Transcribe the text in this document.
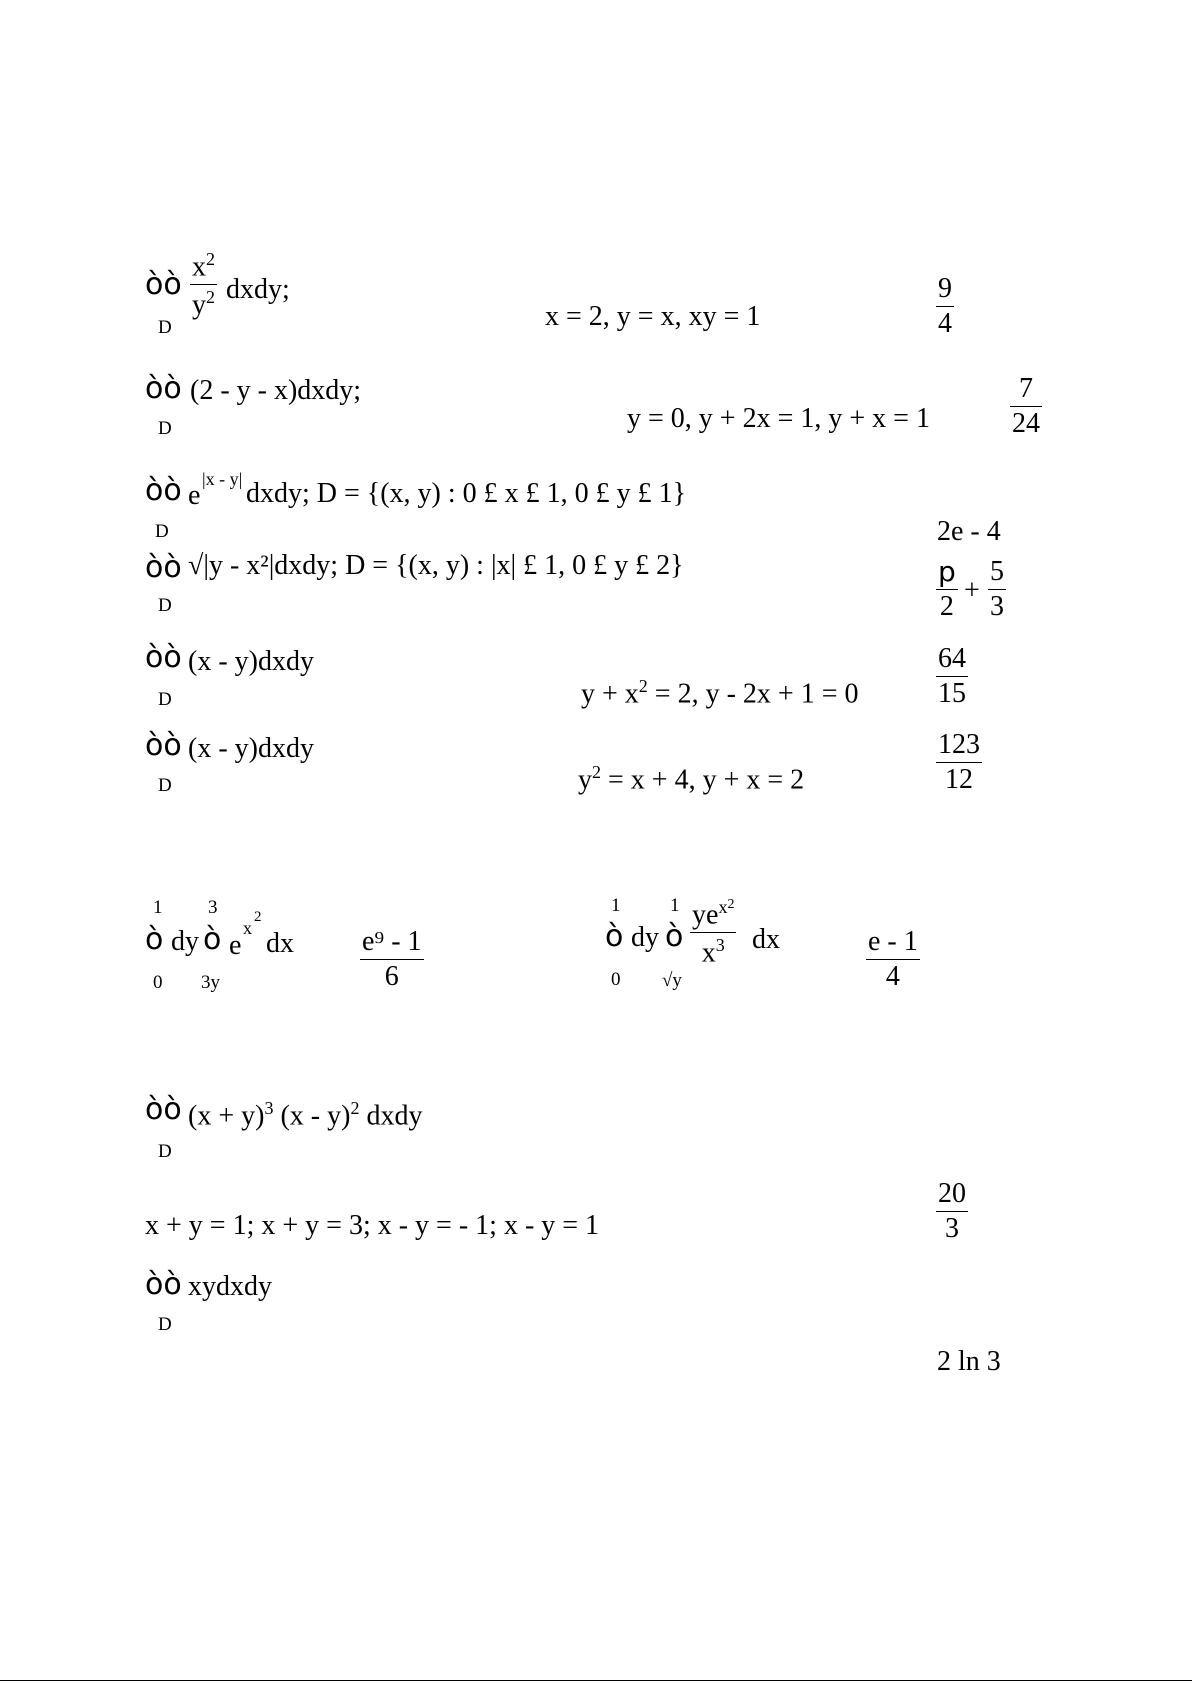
òò
D
$x^2$
$y^2$ dxdy;
x = 2, y = x, xy = 1
9
4
òò
D
(2 - y - x)dxdy;
y = 0, y + 2x = 1, y + x = 1
7
24
òò
D
e
|x - y| dxdy; D = {(x, y) : 0 £ x £ 1, 0 £ y £ 1}
2e - 4
òò
D
√|y - x²|dxdy; D = {(x, y) : |x| £ 1, 0 £ y £ 2}	p
2
+
5
3
òò
D
(x - y)dxdy
$y + x^2 = 2$, y - 2x + 1 = 0
64
15
òò
D
(x - y)dxdy
$y^2 = x + 4$, y + x = 2
123
12
1
ò
0
dy
3
ò
3y
e
x
2
dx e⁹ - 1
6
1
ò
0
dy
1
ò
√y
$ye^{x2}$
$x^3$ dx	e - 1
4
òò
D
$(x + y)^3$ (x - y)$^2$ dxdy
x + y = 1; x + y = 3; x - y = - 1; x - y = 1
20
3
òò
D
xydxdy
2 ln 3
